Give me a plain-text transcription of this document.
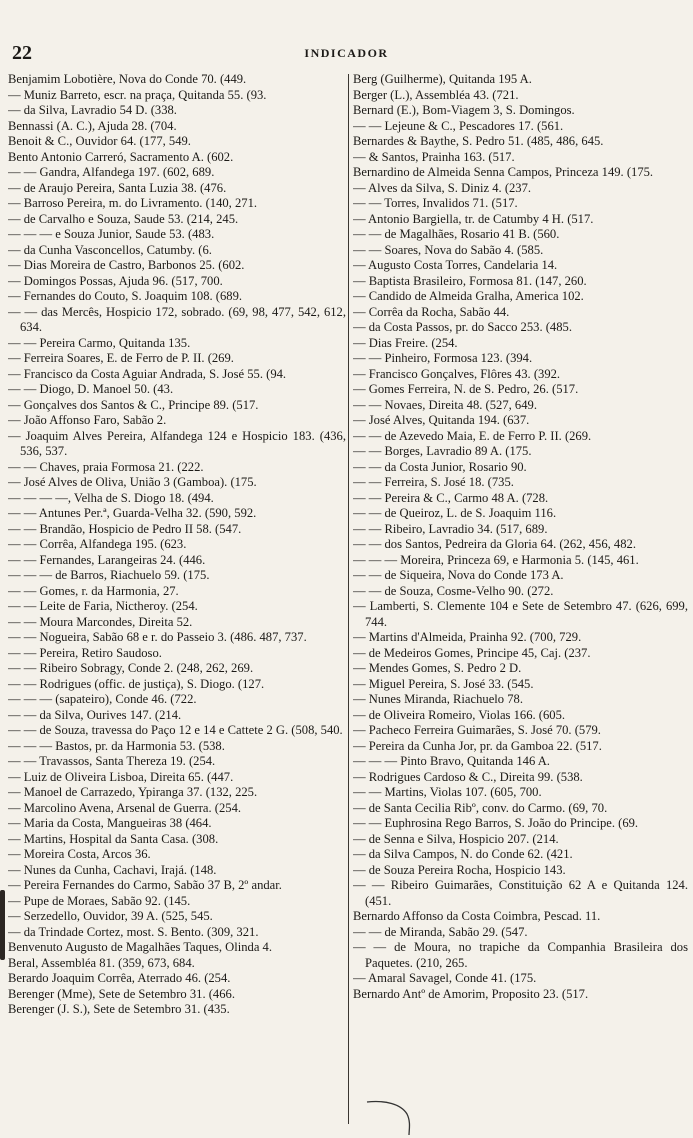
22	INDICADOR
Benjamim Lobotière, Nova do Conde 70. (449.
— Muniz Barreto, escr. na praça, Quitanda 55. (93.
— da Silva, Lavradio 54 D. (338.
Bennassi (A. C.), Ajuda 28. (704.
Benoit & C., Ouvidor 64. (177, 549.
Bento Antonio Carreró, Sacramento A. (602.
— — Gandra, Alfandega 197. (602, 689.
— de Araujo Pereira, Santa Luzia 38. (476.
— Barroso Pereira, m. do Livramento. (140, 271.
— de Carvalho e Souza, Saude 53. (214, 245.
— — — e Souza Junior, Saude 53. (483.
— da Cunha Vasconcellos, Catumby. (6.
— Dias Moreira de Castro, Barbonos 25. (602.
— Domingos Possas, Ajuda 96. (517, 700.
— Fernandes do Couto, S. Joaquim 108. (689.
— — das Mercês, Hospicio 172, sobrado. (69, 98, 477, 542, 612, 634.
— — Pereira Carmo, Quitanda 135.
— Ferreira Soares, E. de Ferro de P. II. (269.
— Francisco da Costa Aguiar Andrada, S. José 55. (94.
— — Diogo, D. Manoel 50. (43.
— Gonçalves dos Santos & C., Principe 89. (517.
— João Affonso Faro, Sabão 2.
— Joaquim Alves Pereira, Alfandega 124 e Hospicio 183. (436, 536, 537.
— — Chaves, praia Formosa 21. (222.
— José Alves de Oliva, União 3 (Gamboa). (175.
— — — —, Velha de S. Diogo 18. (494.
— — Antunes Per.ª, Guarda-Velha 32. (590, 592.
— — Brandão, Hospicio de Pedro II 58. (547.
— — Corrêa, Alfandega 195. (623.
— — Fernandes, Larangeiras 24. (446.
— — — de Barros, Riachuelo 59. (175.
— — Gomes, r. da Harmonia, 27.
— — Leite de Faria, Nictheroy. (254.
— — Moura Marcondes, Direita 52.
— — Nogueira, Sabão 68 e r. do Passeio 3. (486. 487, 737.
— — Pereira, Retiro Saudoso.
— — Ribeiro Sobragy, Conde 2. (248, 262, 269.
— — Rodrigues (offic. de justiça), S. Diogo. (127.
— — — (sapateiro), Conde 46. (722.
— — da Silva, Ourives 147. (214.
— — de Souza, travessa do Paço 12 e 14 e Cattete 2 G. (508, 540.
— — — Bastos, pr. da Harmonia 53. (538.
— — Travassos, Santa Thereza 19. (254.
— Luiz de Oliveira Lisboa, Direita 65. (447.
— Manoel de Carrazedo, Ypiranga 37. (132, 225.
— Marcolino Avena, Arsenal de Guerra. (254.
— Maria da Costa, Mangueiras 38 (464.
— Martins, Hospital da Santa Casa. (308.
— Moreira Costa, Arcos 36.
— Nunes da Cunha, Cachavi, Irajá. (148.
— Pereira Fernandes do Carmo, Sabão 37 B, 2º andar.
— Pupe de Moraes, Sabão 92. (145.
— Serzedello, Ouvidor, 39 A. (525, 545.
— da Trindade Cortez, most. S. Bento. (309, 321.
Benvenuto Augusto de Magalhães Taques, Olinda 4.
Beral, Assembléa 81. (359, 673, 684.
Berardo Joaquim Corrêa, Aterrado 46. (254.
Berenger (Mme), Sete de Setembro 31. (466.
Berenger (J. S.), Sete de Setembro 31. (435.
Berg (Guilherme), Quitanda 195 A.
Berger (L.), Assembléa 43. (721.
Bernard (E.), Bom-Viagem 3, S. Domingos.
— — Lejeune & C., Pescadores 17. (561.
Bernardes & Baythe, S. Pedro 51. (485, 486, 645.
— & Santos, Prainha 163. (517.
Bernardino de Almeida Senna Campos, Princeza 149. (175.
— Alves da Silva, S. Diniz 4. (237.
— — Torres, Invalidos 71. (517.
— Antonio Bargiella, tr. de Catumby 4 H. (517.
— — de Magalhães, Rosario 41 B. (560.
— — Soares, Nova do Sabão 4. (585.
— Augusto Costa Torres, Candelaria 14.
— Baptista Brasileiro, Formosa 81. (147, 260.
— Candido de Almeida Gralha, America 102.
— Corrêa da Rocha, Sabão 44.
— da Costa Passos, pr. do Sacco 253. (485.
— Dias Freire. (254.
— — Pinheiro, Formosa 123. (394.
— Francisco Gonçalves, Flôres 43. (392.
— Gomes Ferreira, N. de S. Pedro, 26. (517.
— — Novaes, Direita 48. (527, 649.
— José Alves, Quitanda 194. (637.
— — de Azevedo Maia, E. de Ferro P. II. (269.
— — Borges, Lavradio 89 A. (175.
— — da Costa Junior, Rosario 90.
— — Ferreira, S. José 18. (735.
— — Pereira & C., Carmo 48 A. (728.
— — de Queiroz, L. de S. Joaquim 116.
— — Ribeiro, Lavradio 34. (517, 689.
— — dos Santos, Pedreira da Gloria 64. (262, 456, 482.
— — — Moreira, Princeza 69, e Harmonia 5. (145, 461.
— — de Siqueira, Nova do Conde 173 A.
— — de Souza, Cosme-Velho 90. (272.
— Lamberti, S. Clemente 104 e Sete de Setembro 47. (626, 699, 744.
— Martins d'Almeida, Prainha 92. (700, 729.
— de Medeiros Gomes, Principe 45, Caj. (237.
— Mendes Gomes, S. Pedro 2 D.
— Miguel Pereira, S. José 33. (545.
— Nunes Miranda, Riachuelo 78.
— de Oliveira Romeiro, Violas 166. (605.
— Pacheco Ferreira Guimarães, S. José 70. (579.
— Pereira da Cunha Jor, pr. da Gamboa 22. (517.
— — — Pinto Bravo, Quitanda 146 A.
— Rodrigues Cardoso & C., Direita 99. (538.
— — Martins, Violas 107. (605, 700.
— de Santa Cecilia Ribº, conv. do Carmo. (69, 70.
— — Euphrosina Rego Barros, S. João do Principe. (69.
— de Senna e Silva, Hospicio 207. (214.
— da Silva Campos, N. do Conde 62. (421.
— de Souza Pereira Rocha, Hospicio 143.
— — Ribeiro Guimarães, Constituição 62 A e Quitanda 124. (451.
Bernardo Affonso da Costa Coimbra, Pescad. 11.
— — de Miranda, Sabão 29. (547.
— — de Moura, no trapiche da Companhia Brasileira dos Paquetes. (210, 265.
— Amaral Savagel, Conde 41. (175.
Bernardo Antº de Amorim, Proposito 23. (517.
